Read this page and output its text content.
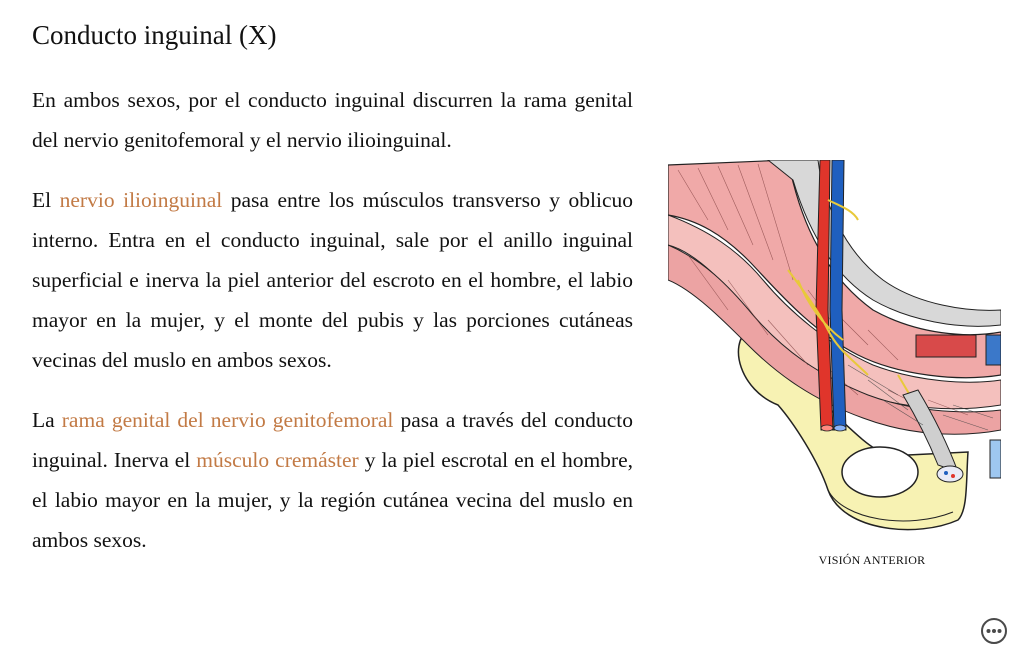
Conducto inguinal (X)

En ambos sexos, por el conducto inguinal discurren la rama genital del nervio genitofemoral y el nervio ilioinguinal.

El nervio ilioinguinal pasa entre los músculos transverso y oblicuo interno. Entra en el conducto inguinal, sale por el anillo inguinal superficial e inerva la piel anterior del escroto en el hombre, el labio mayor en la mujer, y el monte del pubis y las porciones cutáneas vecinas del muslo en ambos sexos.

La rama genital del nervio genitofemoral pasa a través del conducto inguinal. Inerva el músculo cremáster y la piel escrotal en el hombre, el labio mayor en la mujer, y la región cutánea vecina del muslo en ambos sexos.

VISIÓN ANTERIOR
